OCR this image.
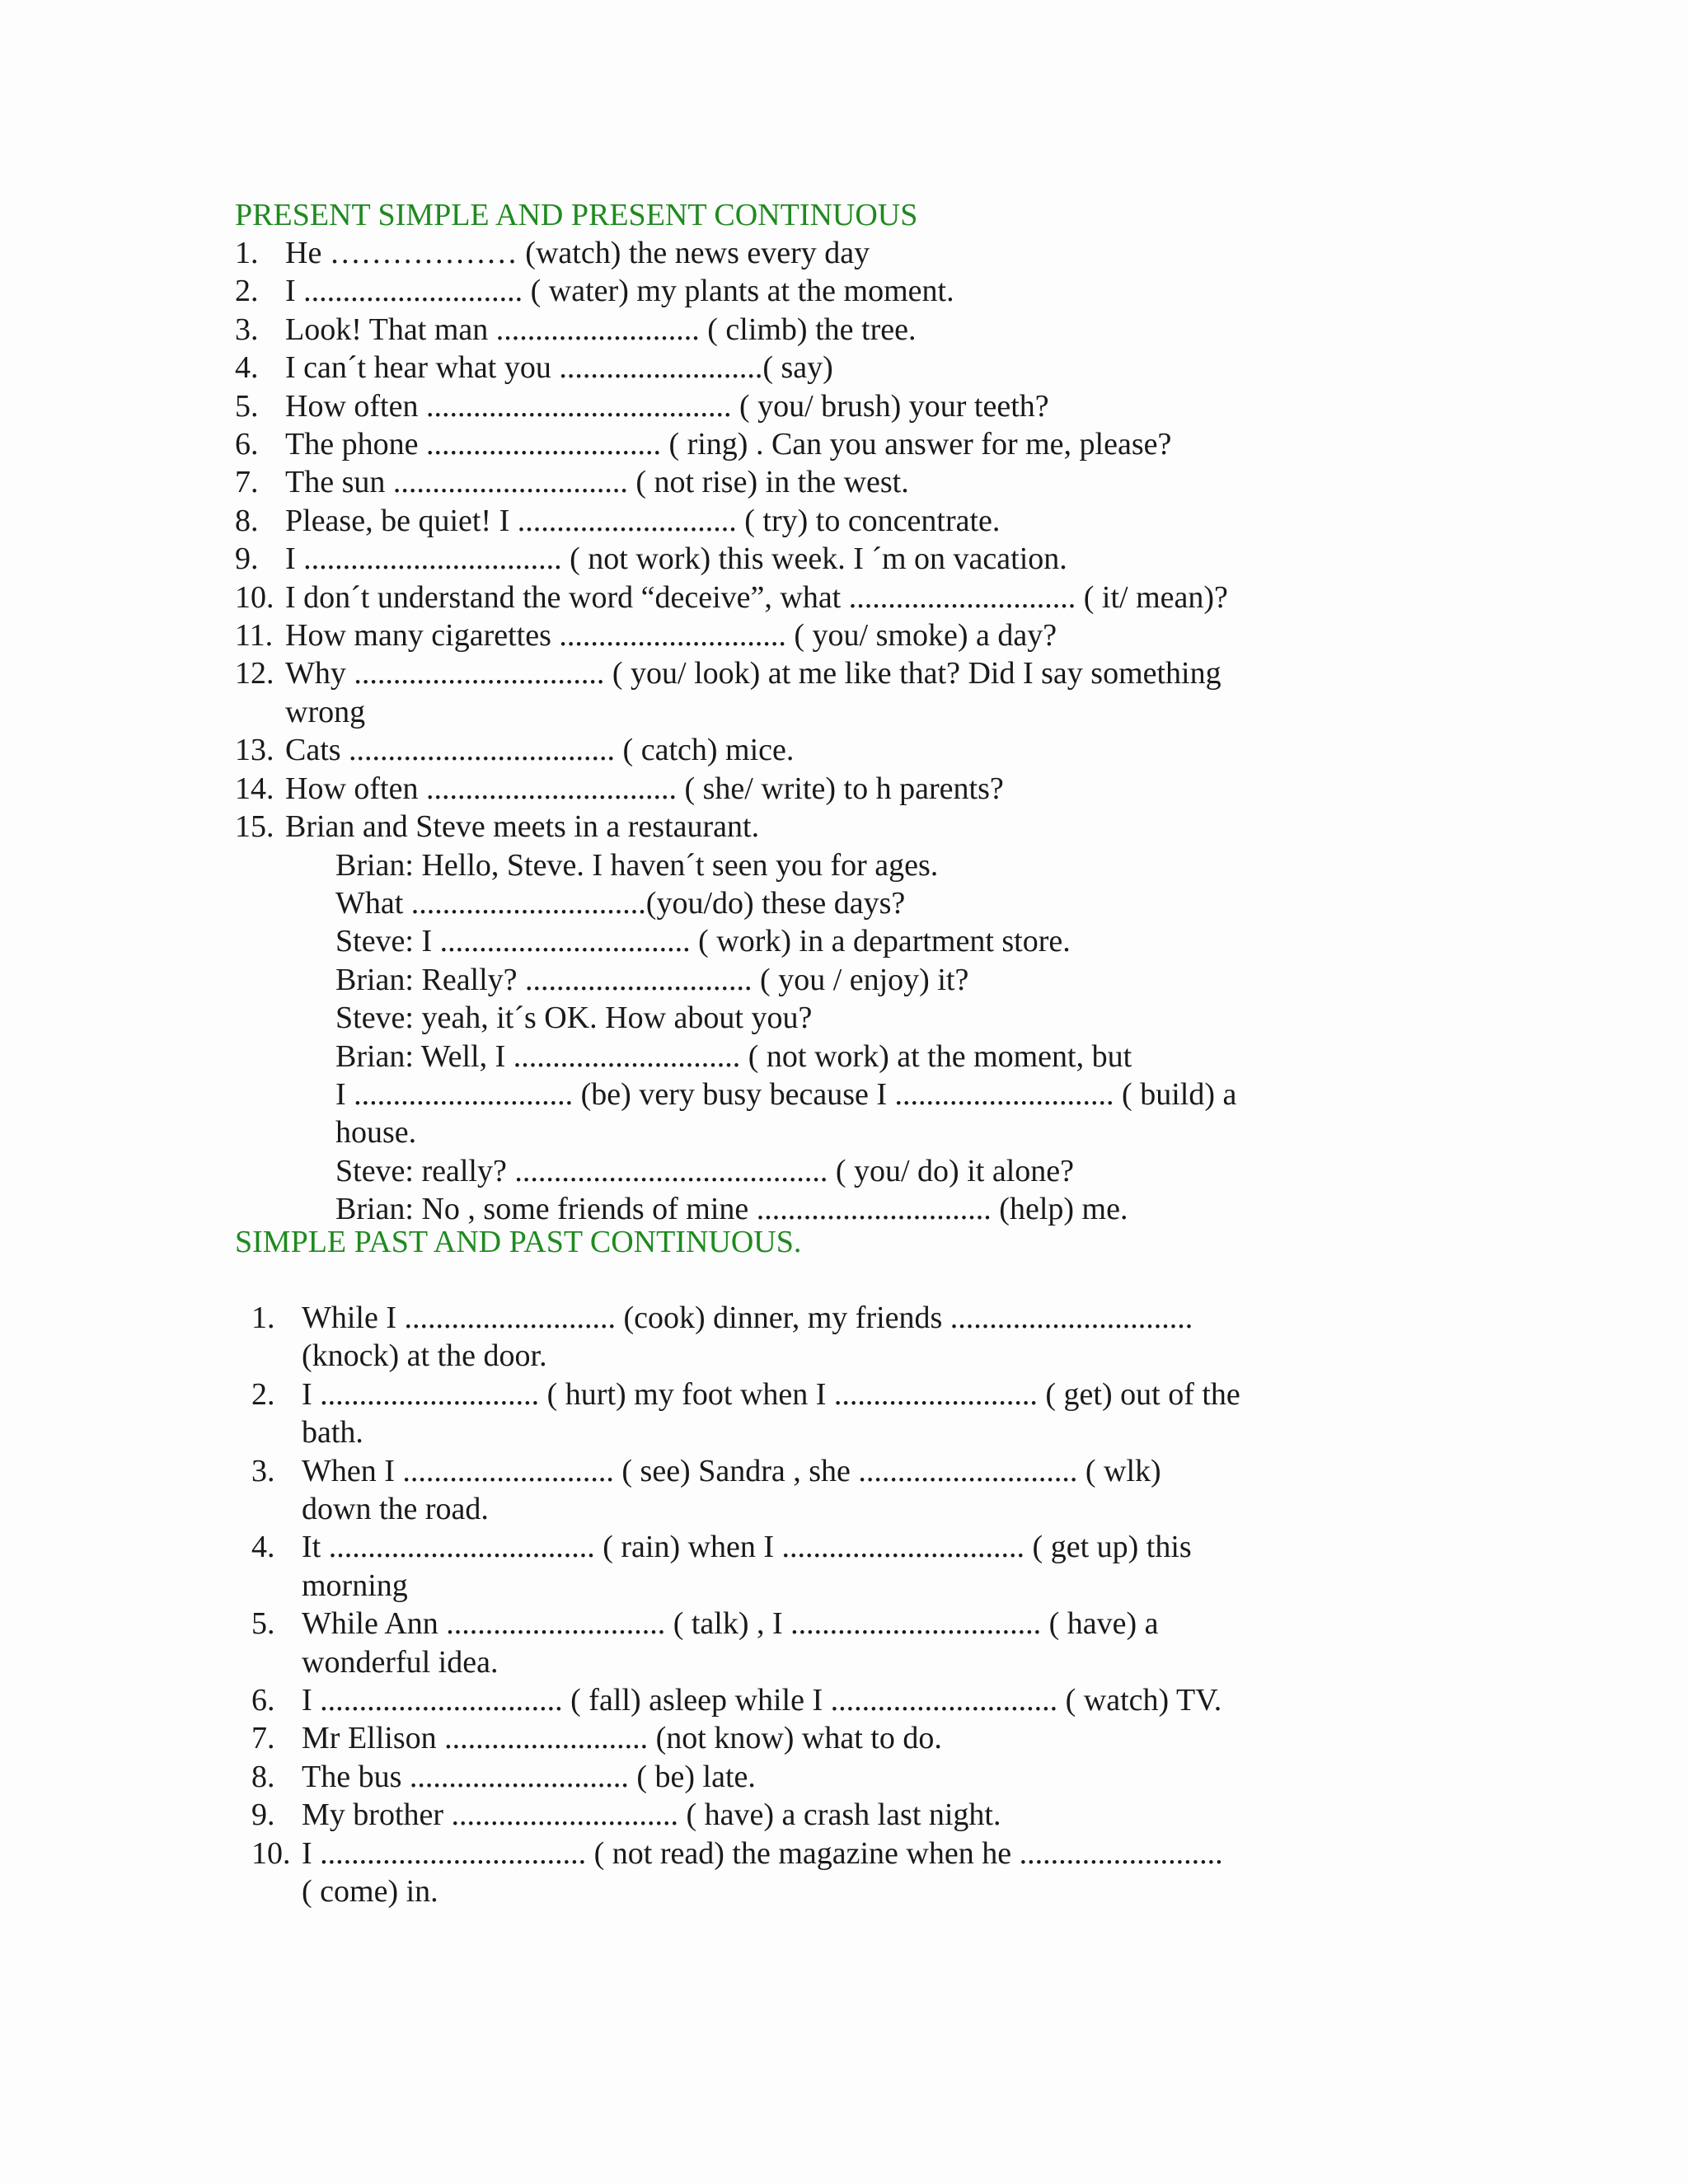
PRESENT SIMPLE AND PRESENT CONTINUOUS
1. He ……………… (watch) the news every day
2. I ............................ ( water) my plants at the moment.
3. Look! That man .......................... ( climb) the tree.
4. I can´t hear what you ..........................( say)
5. How often ....................................... ( you/ brush) your teeth?
6. The phone .............................. ( ring) . Can you answer for me, please?
7. The sun .............................. ( not rise) in the west.
8. Please, be quiet! I ............................ ( try) to concentrate.
9. I ................................. ( not work) this week. I ´m on vacation.
10. I don´t understand the word “deceive”, what ............................. ( it/ mean)?
11. How many cigarettes ............................. ( you/ smoke) a day?
12. Why ................................ ( you/ look) at me like that? Did I say something
wrong
13. Cats .................................. ( catch) mice.
14. How often ................................ ( she/ write) to h parents?
15. Brian and Steve meets in a restaurant.
Brian: Hello, Steve. I haven´t seen you for ages.
What ..............................(you/do) these days?
Steve: I ................................ ( work) in a department store.
Brian: Really? ............................. ( you / enjoy) it?
Steve: yeah, it´s OK. How about you?
Brian: Well, I ............................. ( not work) at the moment, but
I ............................ (be) very busy because I ............................ ( build) a
house.
Steve: really? ........................................ ( you/ do) it alone?
Brian: No , some friends of mine .............................. (help) me.
SIMPLE PAST AND PAST CONTINUOUS.
1. While I ........................... (cook) dinner, my friends ...............................
(knock) at the door.
2. I ............................ ( hurt) my foot when I .......................... ( get) out of the
bath.
3. When I ........................... ( see) Sandra , she ............................ ( wlk)
down the road.
4. It .................................. ( rain) when I ............................... ( get up) this
morning
5. While Ann ............................ ( talk) , I ................................ ( have) a
wonderful idea.
6. I ............................... ( fall) asleep while I ............................. ( watch) TV.
7. Mr Ellison .......................... (not know) what to do.
8. The bus ............................ ( be) late.
9. My brother ............................. ( have) a crash last night.
10. I .................................. ( not read) the magazine when he ..........................
( come) in.
